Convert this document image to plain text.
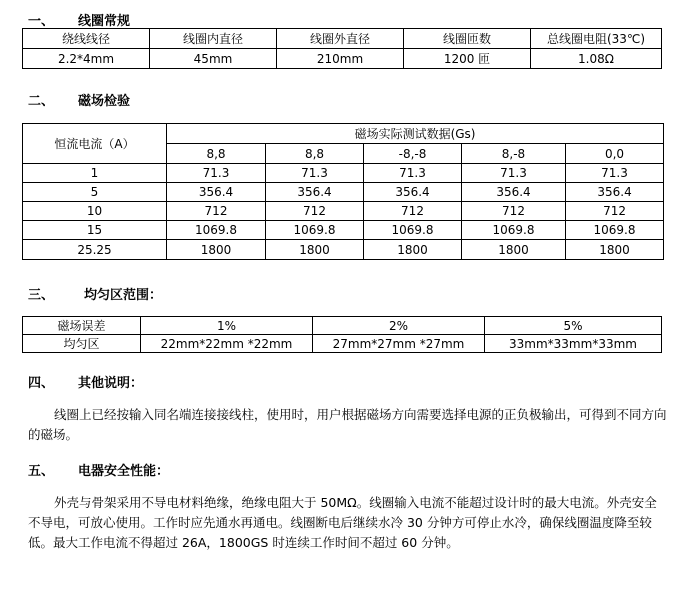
一、 线圈常规
绕线线径	线圈内直径	线圈外直径	线圈匝数	总线圈电阻(33℃)
2.2*4mm	45mm	210mm	1200 匝	1.08Ω
二、 磁场检验
恒流电流（A）	磁场实际测试数据(Gs)				
	8,8	8,8	-8,-8	8,-8	0,0
1	71.3	71.3	71.3	71.3	71.3
5	356.4	356.4	356.4	356.4	356.4
10	712	712	712	712	712
15	1069.8	1069.8	1069.8	1069.8	1069.8
25.25	1800	1800	1800	1800	1800
三、 均匀区范围：
磁场误差	1%	2%	5%
均匀区	22mm*22mm *22mm	27mm*27mm *27mm	33mm*33mm*33mm
四、 其他说明：

线圈上已经按输入同名端连接接线柱，使用时，用户根据磁场方向需要选择电源的正负极输出，可得到不同方向的磁场。

五、 电器安全性能：

外壳与骨架采用不导电材料绝缘，绝缘电阻大于 50MΩ。线圈输入电流不能超过设计时的最大电流。外壳安全不导电，可放心使用。工作时应先通水再通电。线圈断电后继续水冷 30 分钟方可停止水冷，确保线圈温度降至较低。最大工作电流不得超过 26A，1800GS 时连续工作时间不超过 60 分钟。
